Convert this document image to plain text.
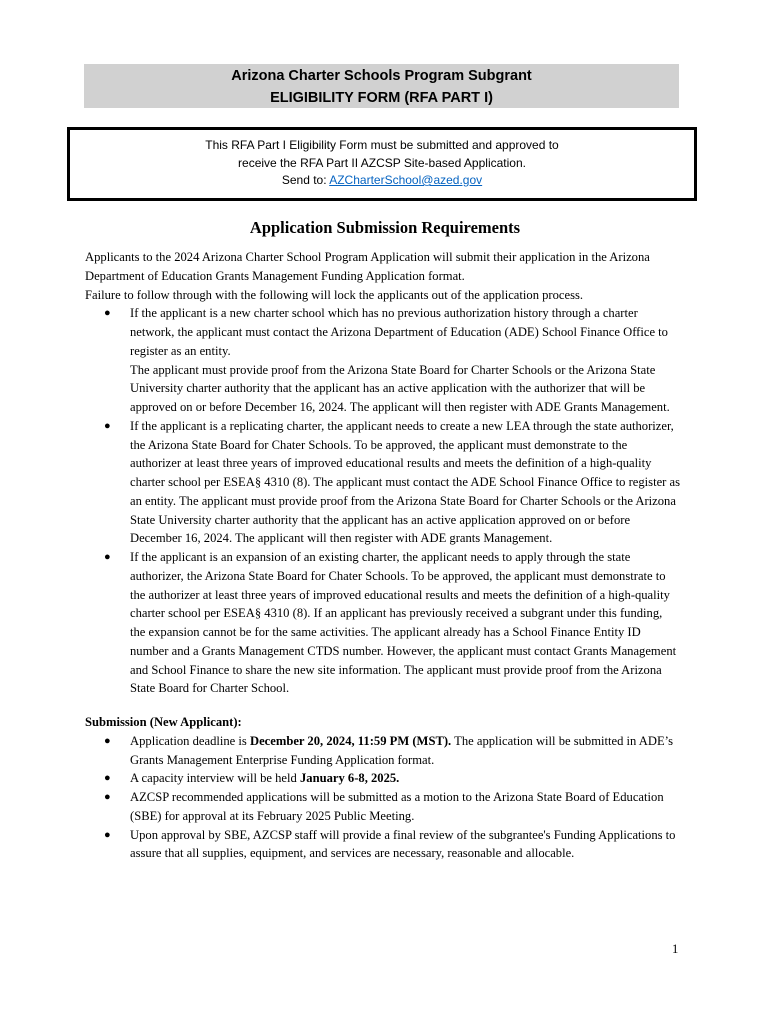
Arizona Charter Schools Program Subgrant
ELIGIBILITY FORM (RFA PART I)
This RFA Part I Eligibility Form must be submitted and approved to
receive the RFA Part II AZCSP Site-based Application.
Send to: AZCharterSchool@azed.gov
Application Submission Requirements

Applicants to the 2024 Arizona Charter School Program Application will submit their application in the Arizona Department of Education Grants Management Funding Application format.

Failure to follow through with the following will lock the applicants out of the application process.

● If the applicant is a new charter school which has no previous authorization history through a charter network, the applicant must contact the Arizona Department of Education (ADE) School Finance Office to register as an entity.
The applicant must provide proof from the Arizona State Board for Charter Schools or the Arizona State University charter authority that the applicant has an active application with the authorizer that will be approved on or before December 16, 2024. The applicant will then register with ADE Grants Management.
● If the applicant is a replicating charter, the applicant needs to create a new LEA through the state authorizer, the Arizona State Board for Chater Schools. To be approved, the applicant must demonstrate to the authorizer at least three years of improved educational results and meets the definition of a high-quality charter school per ESEA§ 4310 (8). The applicant must contact the ADE School Finance Office to register as an entity. The applicant must provide proof from the Arizona State Board for Charter Schools or the Arizona State University charter authority that the applicant has an active application approved on or before December 16, 2024. The applicant will then register with ADE grants Management.
● If the applicant is an expansion of an existing charter, the applicant needs to apply through the state authorizer, the Arizona State Board for Chater Schools. To be approved, the applicant must demonstrate to the authorizer at least three years of improved educational results and meets the definition of a high-quality charter school per ESEA§ 4310 (8). If an applicant has previously received a subgrant under this funding, the expansion cannot be for the same activities. The applicant already has a School Finance Entity ID number and a Grants Management CTDS number. However, the applicant must contact Grants Management and School Finance to share the new site information. The applicant must provide proof from the Arizona State Board for Charter School.

Submission (New Applicant):

● Application deadline is December 20, 2024, 11:59 PM (MST). The application will be submitted in ADE’s Grants Management Enterprise Funding Application format.
● A capacity interview will be held January 6-8, 2025.
● AZCSP recommended applications will be submitted as a motion to the Arizona State Board of Education (SBE) for approval at its February 2025 Public Meeting.
● Upon approval by SBE, AZCSP staff will provide a final review of the subgrantee's Funding Applications to assure that all supplies, equipment, and services are necessary, reasonable and allocable.
1
